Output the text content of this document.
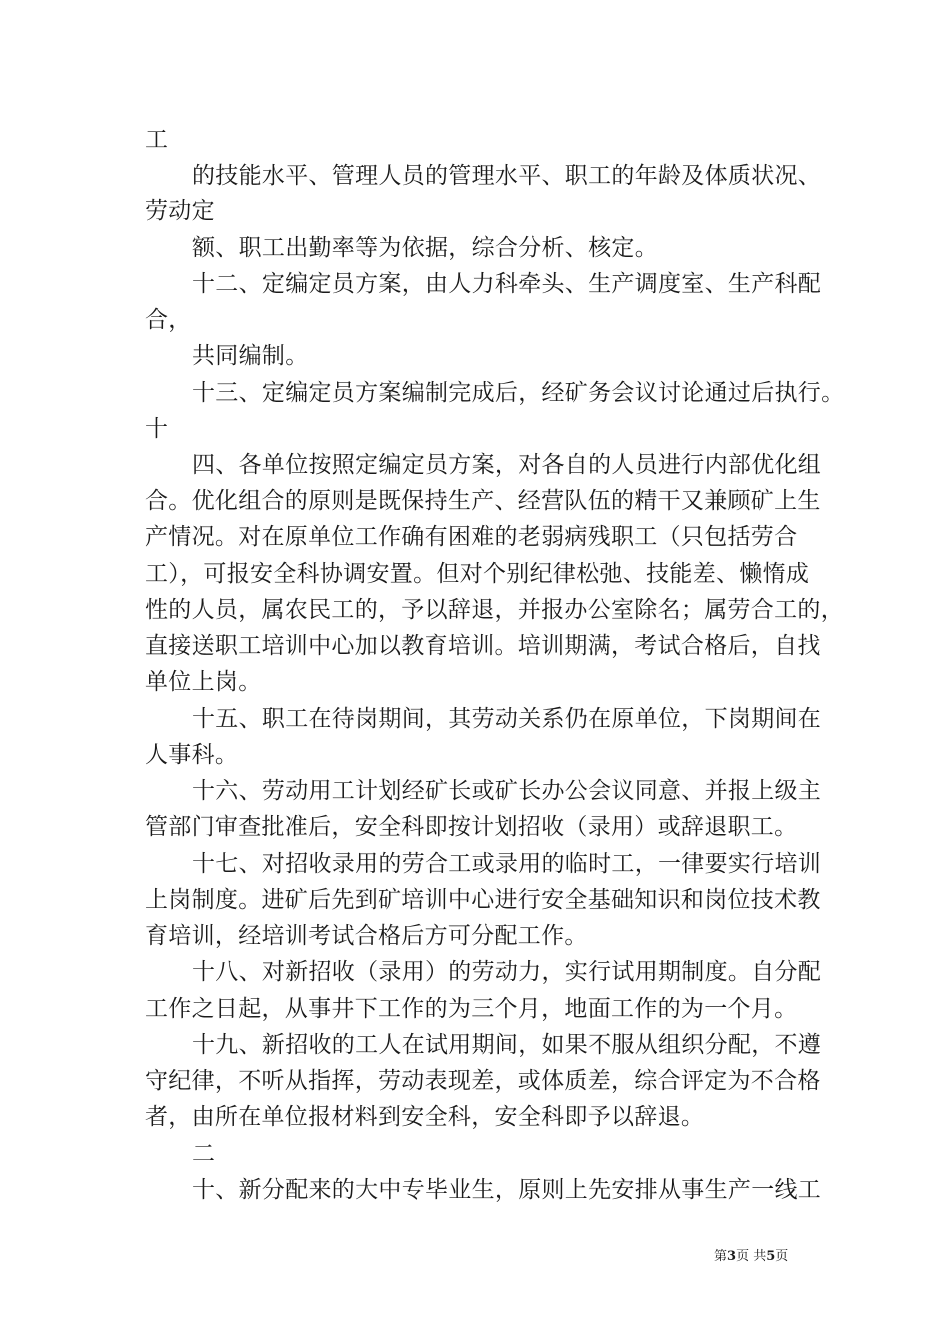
工
的技能水平、管理人员的管理水平、职工的年龄及体质状况、
劳动定
额、职工出勤率等为依据，综合分析、核定。
十二、定编定员方案，由人力科牵头、生产调度室、生产科配
合，
共同编制。
十三、定编定员方案编制完成后，经矿务会议讨论通过后执行。
十
四、各单位按照定编定员方案，对各自的人员进行内部优化组
合。优化组合的原则是既保持生产、经营队伍的精干又兼顾矿上生
产情况。对在原单位工作确有困难的老弱病残职工（只包括劳合
工），可报安全科协调安置。但对个别纪律松弛、技能差、懒惰成
性的人员，属农民工的，予以辞退，并报办公室除名；属劳合工的，
直接送职工培训中心加以教育培训。培训期满，考试合格后，自找
单位上岗。
十五、职工在待岗期间，其劳动关系仍在原单位，下岗期间在
人事科。
十六、劳动用工计划经矿长或矿长办公会议同意、并报上级主
管部门审查批准后，安全科即按计划招收（录用）或辞退职工。
十七、对招收录用的劳合工或录用的临时工，一律要实行培训
上岗制度。进矿后先到矿培训中心进行安全基础知识和岗位技术教
育培训，经培训考试合格后方可分配工作。
十八、对新招收（录用）的劳动力，实行试用期制度。自分配
工作之日起，从事井下工作的为三个月，地面工作的为一个月。
十九、新招收的工人在试用期间，如果不服从组织分配，不遵
守纪律，不听从指挥，劳动表现差，或体质差，综合评定为不合格
者，由所在单位报材料到安全科，安全科即予以辞退。
二
十、新分配来的大中专毕业生，原则上先安排从事生产一线工
第3页 共5页
